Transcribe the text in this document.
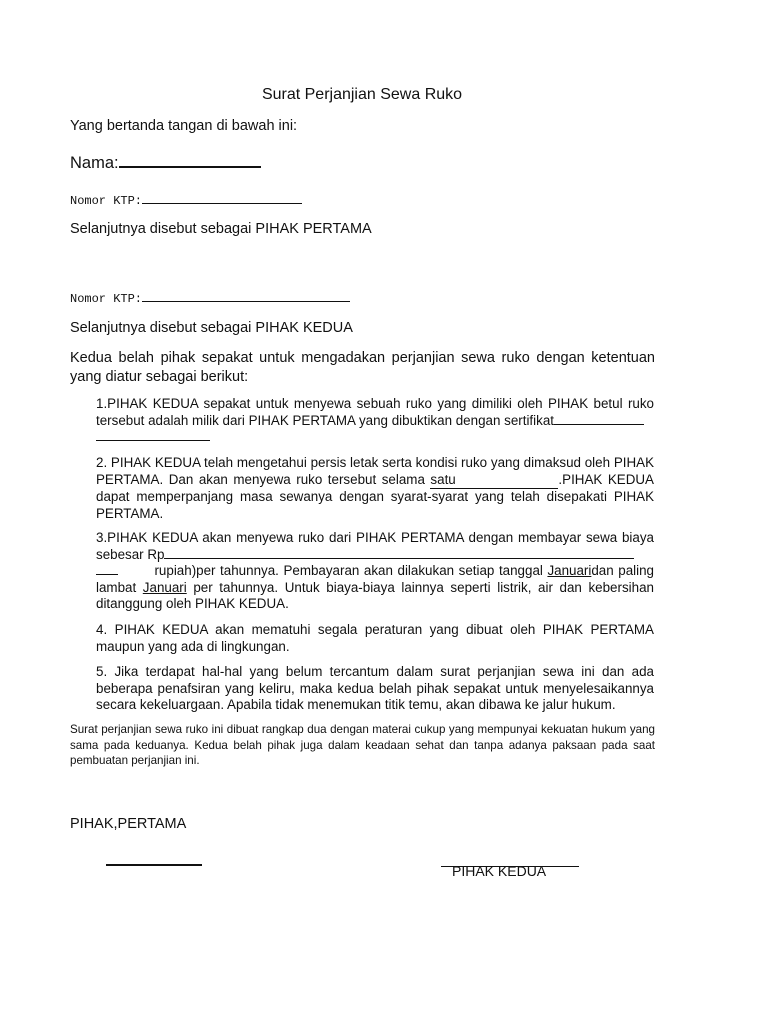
Surat Perjanjian Sewa Ruko
Yang bertanda tangan di bawah ini:
Nama:
Nomor KTP:
Selanjutnya disebut sebagai PIHAK PERTAMA
Nomor KTP:
Selanjutnya disebut sebagai PIHAK KEDUA
Kedua belah pihak sepakat untuk mengadakan perjanjian sewa ruko dengan ketentuan yang diatur sebagai berikut:
1.PIHAK KEDUA sepakat untuk menyewa sebuah ruko yang dimiliki oleh PIHAK betul ruko tersebut adalah milik dari PIHAK PERTAMA yang dibuktikan dengan sertifikat

2. PIHAK KEDUA telah mengetahui persis letak serta kondisi ruko yang dimaksud oleh PIHAK PERTAMA. Dan akan menyewa ruko tersebut selama satu	.PIHAK KEDUA dapat memperpanjang masa sewanya dengan syarat-syarat yang telah disepakati PIHAK PERTAMA.
3.PIHAK KEDUA akan menyewa ruko dari PIHAK PERTAMA dengan membayar sewa biaya sebesar Rp
rupiah)per tahunnya. Pembayaran akan dilakukan setiap tanggal Januaridan paling lambat Januari per tahunnya. Untuk biaya-biaya lainnya seperti listrik, air dan kebersihan ditanggung oleh PIHAK KEDUA.
4. PIHAK KEDUA akan mematuhi segala peraturan yang dibuat oleh PIHAK PERTAMA maupun yang ada di lingkungan.
5. Jika terdapat hal-hal yang belum tercantum dalam surat perjanjian sewa ini dan ada beberapa penafsiran yang keliru, maka kedua belah pihak sepakat untuk menyelesaikannya secara kekeluargaan. Apabila tidak menemukan titik temu, akan dibawa ke jalur hukum.
Surat perjanjian sewa ruko ini dibuat rangkap dua dengan materai cukup yang mempunyai kekuatan hukum yang sama pada keduanya. Kedua belah pihak juga dalam keadaan sehat dan tanpa adanya paksaan pada saat pembuatan perjanjian ini.
PIHAK,PERTAMA
PIHAK KEDUA
